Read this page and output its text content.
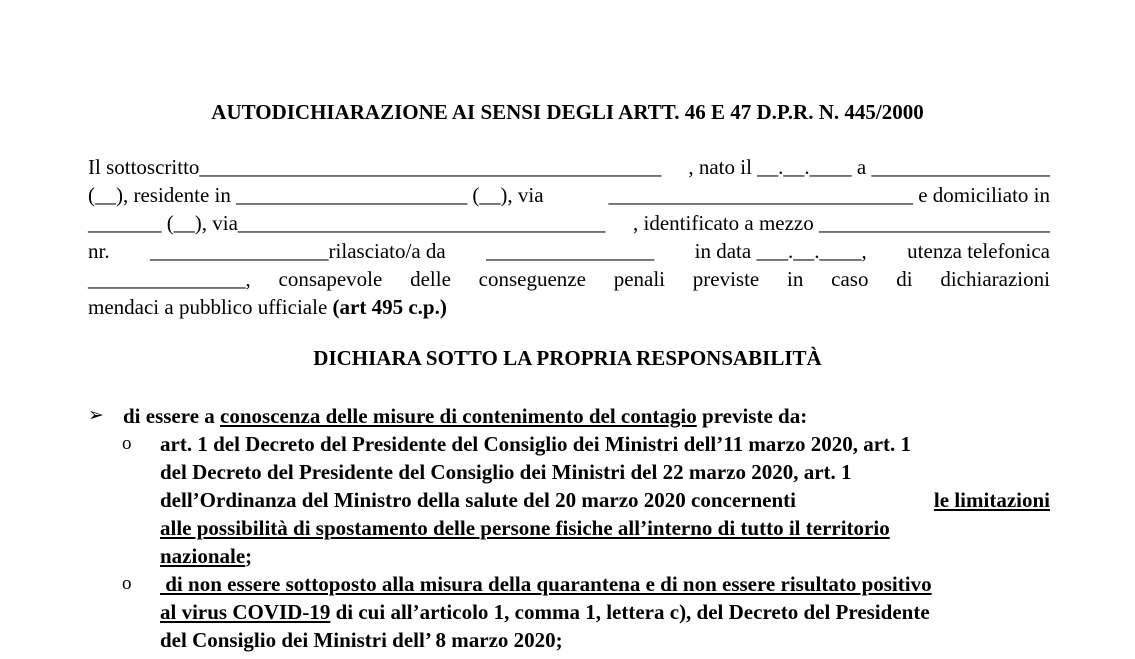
AUTODICHIARAZIONE AI SENSI DEGLI ARTT. 46 E 47 D.P.R. N. 445/2000
Il sottoscritto____________________________________________ , nato il __.__.____ a _________________
(__), residente in ______________________ (__), via	_____________________________ e domiciliato in
_______ (__), via___________________________________ , identificato a mezzo ______________________
nr. _________________rilasciato/a da ________________ in data ___.__.____, utenza telefonica
_______________, consapevole delle conseguenze penali previste in caso di dichiarazioni
mendaci a pubblico ufficiale (art 495 c.p.)
DICHIARA SOTTO LA PROPRIA RESPONSABILITÀ
➢ di essere a conoscenza delle misure di contenimento del contagio previste da:
o	art. 1 del Decreto del Presidente del Consiglio dei Ministri dell’11 marzo 2020, art. 1
del Decreto del Presidente del Consiglio dei Ministri del 22 marzo 2020, art. 1
dell’Ordinanza del Ministro della salute del 20 marzo 2020 concernenti	le limitazioni
alle possibilità di spostamento delle persone fisiche all’interno di tutto il territorio
nazionale ;
o	di non essere sottoposto alla misura della quarantena e di non essere risultato positivo
al virus COVID-19 di cui all’articolo 1, comma 1, lettera c), del Decreto del Presidente
del Consiglio dei Ministri dell’ 8 marzo 2020;
